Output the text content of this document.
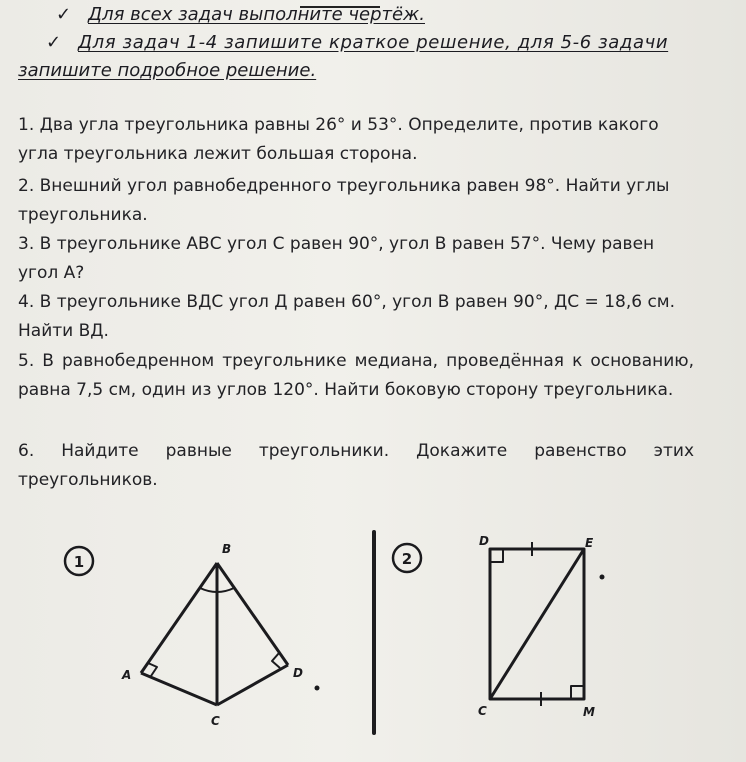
✓ Для всех задач выполните чертёж.
✓ Для задач 1-4 запишите краткое решение, для 5-6 задачи
запишите подробное решение.
1. Два угла треугольника равны 26° и 53°. Определите, против какого угла треугольника лежит большая сторона.
2. Внешний угол равнобедренного треугольника равен 98°. Найти углы треугольника.
3. В треугольнике АВС угол С равен 90°, угол В равен 57°. Чему равен угол А?
4. В треугольнике ВДС угол Д равен 60°, угол В равен 90°, ДС = 18,6 см. Найти ВД.
5. В равнобедренном треугольнике медиана, проведённая к основанию, равна 7,5 см, один из углов 120°. Найти боковую сторону треугольника.
6. Найдите равные треугольники. Докажите равенство этих треугольников.
1
B
A	D
C
2
D	E
C	M
